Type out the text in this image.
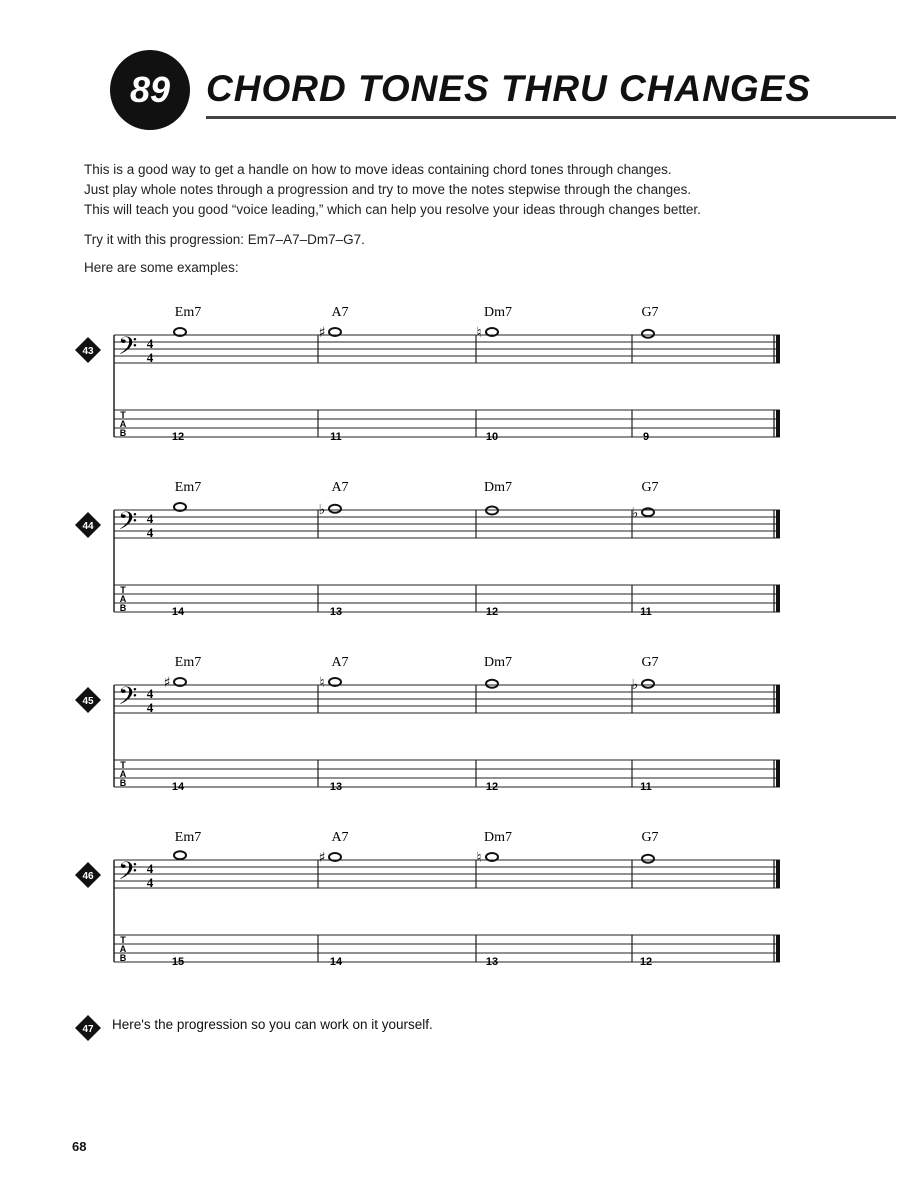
89 CHORD TONES THRU CHANGES
This is a good way to get a handle on how to move ideas containing chord tones through changes.
Just play whole notes through a progression and try to move the notes stepwise through the changes.
This will teach you good “voice leading,” which can help you resolve your ideas through changes better.
Try it with this progression: Em7–A7–Dm7–G7.
Here are some examples:
𝄢 4
4
T
A
B
43
Em7
12
A7
♯
11
Dm7
♮
10
G7
9
𝄢 4
4
T
A
B
44
Em7
14
A7
♭
13
Dm7
12
G7
♭
11
𝄢 4
4
T
A
B
45
Em7
♯
14
A7
♮
13
Dm7
12
G7
♭
11
𝄢 4
4
T
A
B
46
Em7
15
A7
♯
14
Dm7
♮
13
G7
12
47 Here's the progression so you can work on it yourself.
68
